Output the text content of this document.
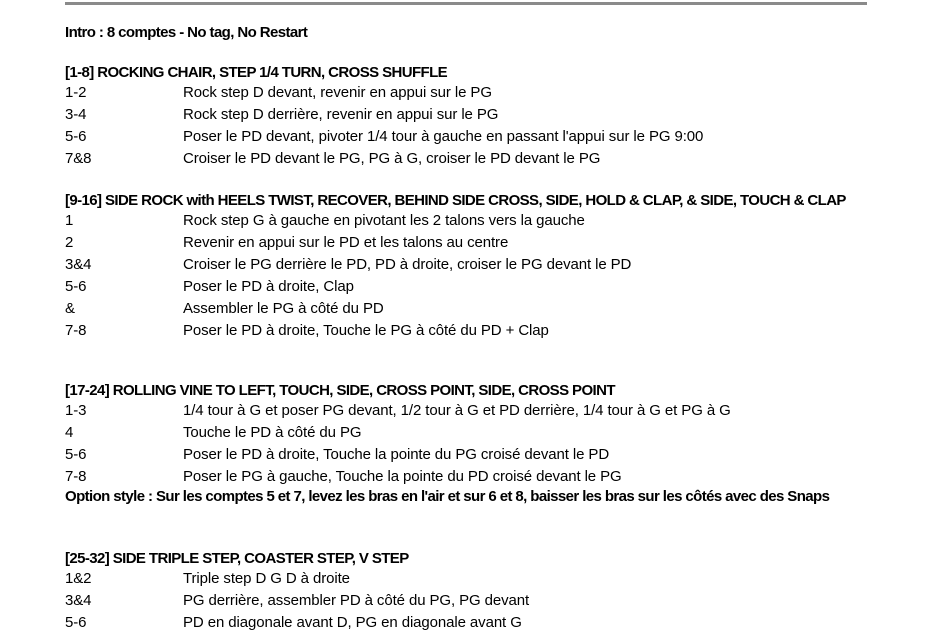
Intro : 8 comptes - No tag, No Restart
[1-8] ROCKING CHAIR, STEP 1/4 TURN, CROSS SHUFFLE
1-2	Rock step D devant, revenir en appui sur le PG
3-4	Rock step D derrière, revenir en appui sur le PG
5-6	Poser le PD devant, pivoter 1/4 tour à gauche en passant l'appui sur le PG 9:00
7&8	Croiser le PD devant le PG, PG à G, croiser le PD devant le PG
[9-16] SIDE ROCK with HEELS TWIST, RECOVER, BEHIND SIDE CROSS, SIDE, HOLD & CLAP, & SIDE, TOUCH & CLAP
1	Rock step G à gauche en pivotant les 2 talons vers la gauche
2	Revenir en appui sur le PD et les talons au centre
3&4	Croiser le PG derrière le PD, PD à droite, croiser le PG devant le PD
5-6	Poser le PD à droite, Clap
&	Assembler le PG à côté du PD
7-8	Poser le PD à droite, Touche le PG à côté du PD + Clap
[17-24] ROLLING VINE TO LEFT, TOUCH, SIDE, CROSS POINT, SIDE, CROSS POINT
1-3	1/4 tour à G et poser PG devant, 1/2 tour à G et PD derrière, 1/4 tour à G et PG à G
4	Touche le PD à côté du PG
5-6	Poser le PD à droite, Touche la pointe du PG croisé devant le PD
7-8	Poser le PG à gauche, Touche la pointe du PD croisé devant le PG
Option style : Sur les comptes 5 et 7, levez les bras en l'air et sur 6 et 8, baisser les bras sur les côtés avec des Snaps
[25-32] SIDE TRIPLE STEP, COASTER STEP, V STEP
1&2	Triple step D G D à droite
3&4	PG derrière, assembler PD à côté du PG, PG devant
5-6	PD en diagonale avant D, PG en diagonale avant G
